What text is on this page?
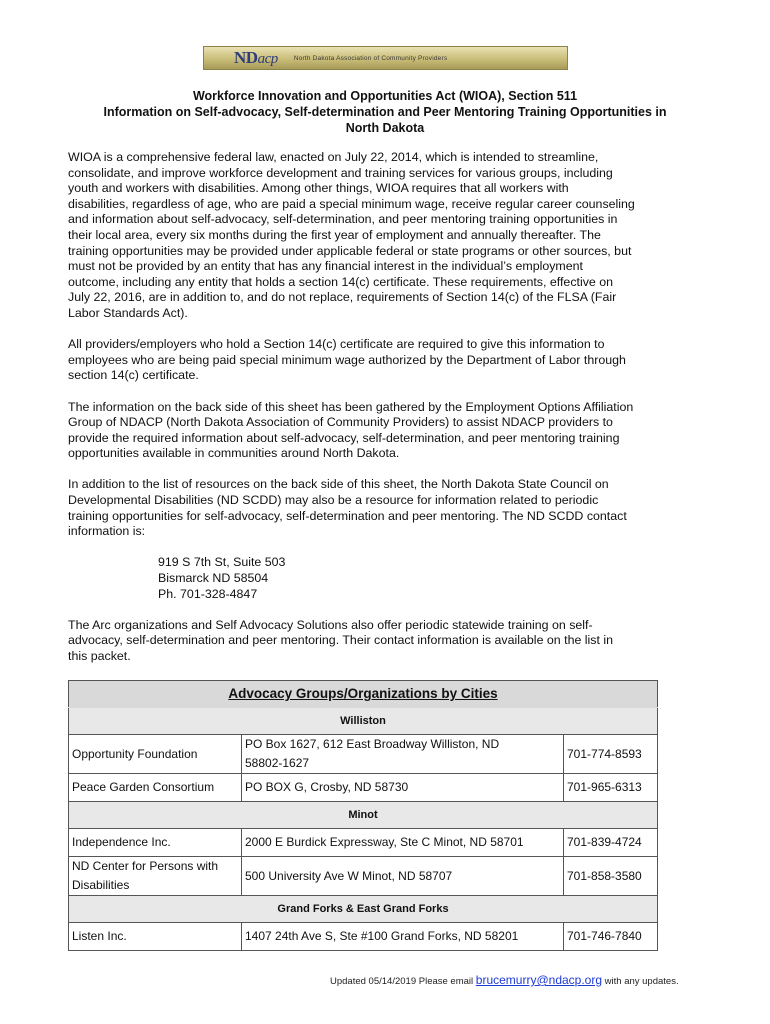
NDacp North Dakota Association of Community Providers
Workforce Innovation and Opportunities Act (WIOA), Section 511
Information on Self-advocacy, Self-determination and Peer Mentoring Training Opportunities in
North Dakota
WIOA is a comprehensive federal law, enacted on July 22, 2014, which is intended to streamline,
consolidate, and improve workforce development and training services for various groups, including
youth and workers with disabilities. Among other things, WIOA requires that all workers with
disabilities, regardless of age, who are paid a special minimum wage, receive regular career counseling
and information about self-advocacy, self-determination, and peer mentoring training opportunities in
their local area, every six months during the first year of employment and annually thereafter. The
training opportunities may be provided under applicable federal or state programs or other sources, but
must not be provided by an entity that has any financial interest in the individual’s employment
outcome, including any entity that holds a section 14(c) certificate. These requirements, effective on
July 22, 2016, are in addition to, and do not replace, requirements of Section 14(c) of the FLSA (Fair
Labor Standards Act).
All providers/employers who hold a Section 14(c) certificate are required to give this information to
employees who are being paid special minimum wage authorized by the Department of Labor through
section 14(c) certificate.
The information on the back side of this sheet has been gathered by the Employment Options Affiliation
Group of NDACP (North Dakota Association of Community Providers) to assist NDACP providers to
provide the required information about self-advocacy, self-determination, and peer mentoring training
opportunities available in communities around North Dakota.
In addition to the list of resources on the back side of this sheet, the North Dakota State Council on
Developmental Disabilities (ND SCDD) may also be a resource for information related to periodic
training opportunities for self-advocacy, self-determination and peer mentoring. The ND SCDD contact
information is:
919 S 7th St, Suite 503
Bismarck ND 58504
Ph. 701-328-4847
The Arc organizations and Self Advocacy Solutions also offer periodic statewide training on self-
advocacy, self-determination and peer mentoring. Their contact information is available on the list in
this packet.
Advocacy Groups/Organizations by Cities		
Williston		
Opportunity Foundation	PO Box 1627, 612 East Broadway Williston, ND
58802-1627	701-774-8593
Peace Garden Consortium	PO BOX G, Crosby, ND 58730	701-965-6313
Minot		
Independence Inc.	2000 E Burdick Expressway, Ste C Minot, ND 58701	701-839-4724

ND Center for Persons with
Disabilities	500 University Ave W Minot, ND 58707	701-858-3580
Grand Forks & East Grand Forks		
Listen Inc.	1407 24th Ave S, Ste #100 Grand Forks, ND 58201	701-746-7840
Updated 05/14/2019 Please email brucemurry@ndacp.org with any updates.
